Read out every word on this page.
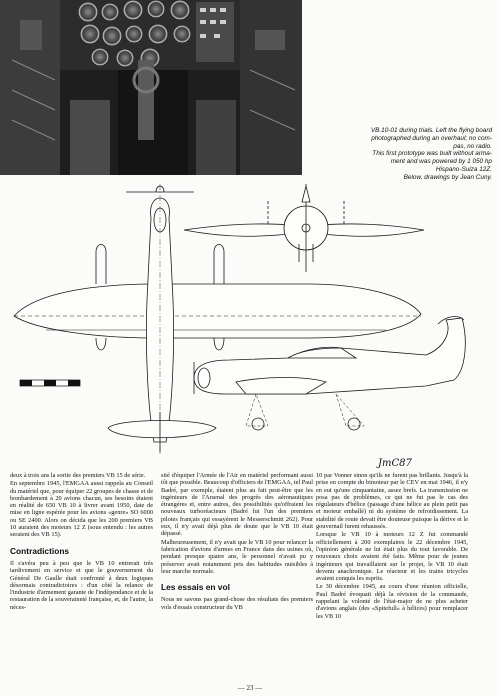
VB.10-01 during trials. Left the flying board
photographed during an overhaul; no com-
pas, no radio.
This first prototype was built without arma-
ment and was powered by 1 050 hp
Hispano-Suiza 12Z.
Below, drawings by Jean Cuny.
JmC87

deux à trois ans la sortie des premiers VB 15 de série.

En septembre 1945, l'EMGAA aussi rappela au Conseil du matériel que, pour équiper 22 groupes de chasse et de bombardement à 20 avions chacun, ses besoins étaient en réalité de 650 VB 10 à livrer avant 1950, date de mise en ligne espérée pour les avions «genre» SO 6000 ou SE 2400. Alors on décida que les 200 premiers VB 10 auraient des moteurs 12 Z (sous entendu : les autres seraient des VB 15).

Contradictions

Il s'avéra peu à peu que le VB 10 entrerait très tardivement en service et que le gouvernement du Général De Gaulle était confronté à deux logiques désormais contradictoires : d'un côté la relance de l'industrie d'armement garante de l'indépendance et de la restauration de la souveraineté française, et, de l'autre, la néces-

sité d'équiper l'Armée de l'Air en matériel performant aussi tôt que possible. Beaucoup d'officiers de l'EMGAA, tel Paul Badré, par exemple, étaient plus au fait peut-être que les ingénieurs de l'Arsenal des progrès des aéronautiques étrangères et, entre autres, des possibilités qu'offraient les nouveaux turboréacteurs (Badré fut l'un des premiers pilotes français qui essayèrent le Messerschmitt 262). Pour eux, il n'y avait déjà plus de doute que le VB 10 était dépassé.

Malheureusement, il n'y avait que le VB 10 pour relancer la fabrication d'avions d'armes en France dans des usines où, pendant presque quatre ans, le personnel n'avait pu y préserver avait notamment pris des habitudes nuisibles à leur marche normale.

Les essais en vol

Nous ne savons pas grand-chose des résultats des premiers vols d'essais constructeur du VB

10 par Vonner sinon qu'ils ne furent pas brillants. Jusqu'à la prise en compte du bimoteur par le CEV en mai 1946, il n'y en eut qu'une cinquantaine, assez brefs. La transmission ne posa pas de problèmes, ce qui ne fut pas le cas des régulateurs d'hélice (passage d'une hélice au plein petit pas et moteur emballé) ni du système de refroidissement. La stabilité de route devait être douteuse puisque la dérive et le gouvernail furent rehaussés.

Lorsque le VB 10 à moteurs 12 Z fut commandé officiellement à 200 exemplaires le 22 décembre 1945, l'opinion générale ne lui était plus du tout favorable. De nouveaux choix avaient été faits. Même pour de jeunes ingénieurs qui travaillaient sur le projet, le VB 10 était devenu anachronique. Le réacteur et les trains tricycles avaient conquis les esprits.

Le 30 décembre 1945, au cours d'une réunion officielle, Paul Badré évoquait déjà la révision de la commande, rappelant la volonté de l'état-major de ne plus acheter d'avions anglais (des «Spitefull» à hélices) pour remplacer les VB 10

— 23 —
